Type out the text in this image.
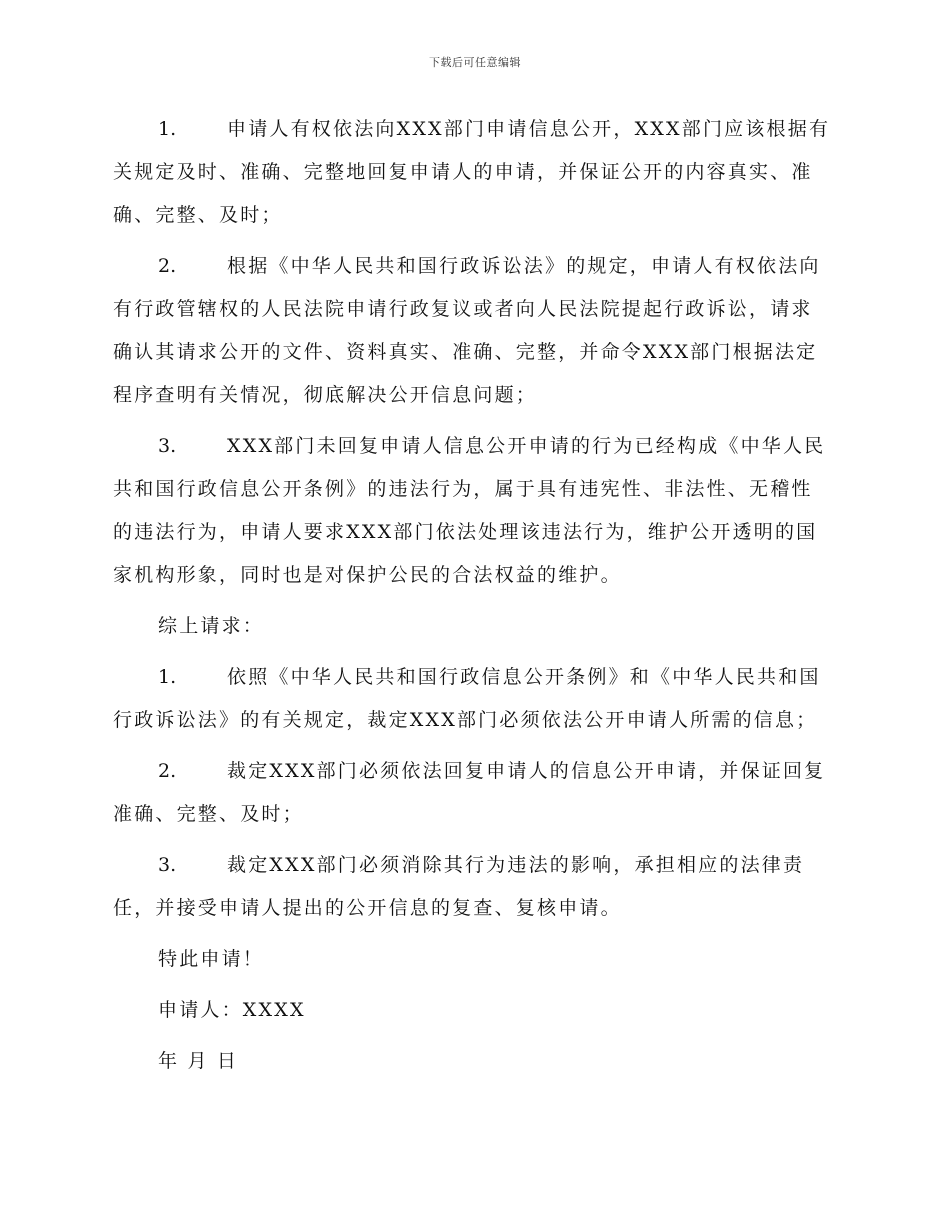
下载后可任意编辑

1.	申请人有权依法向XXX部门申请信息公开，XXX部门应该根据有关规定及时、准确、完整地回复申请人的申请，并保证公开的内容真实、准确、完整、及时；

2.	根据《中华人民共和国行政诉讼法》的规定，申请人有权依法向有行政管辖权的人民法院申请行政复议或者向人民法院提起行政诉讼，请求确认其请求公开的文件、资料真实、准确、完整，并命令XXX部门根据法定程序查明有关情况，彻底解决公开信息问题；

3.	XXX部门未回复申请人信息公开申请的行为已经构成《中华人民共和国行政信息公开条例》的违法行为，属于具有违宪性、非法性、无稽性的违法行为，申请人要求XXX部门依法处理该违法行为，维护公开透明的国家机构形象，同时也是对保护公民的合法权益的维护。

综上请求：

1.	依照《中华人民共和国行政信息公开条例》和《中华人民共和国行政诉讼法》的有关规定，裁定XXX部门必须依法公开申请人所需的信息；

2.	裁定XXX部门必须依法回复申请人的信息公开申请，并保证回复准确、完整、及时；

3.	裁定XXX部门必须消除其行为违法的影响，承担相应的法律责任，并接受申请人提出的公开信息的复查、复核申请。

特此申请！

申请人：XXXX

年 月 日
